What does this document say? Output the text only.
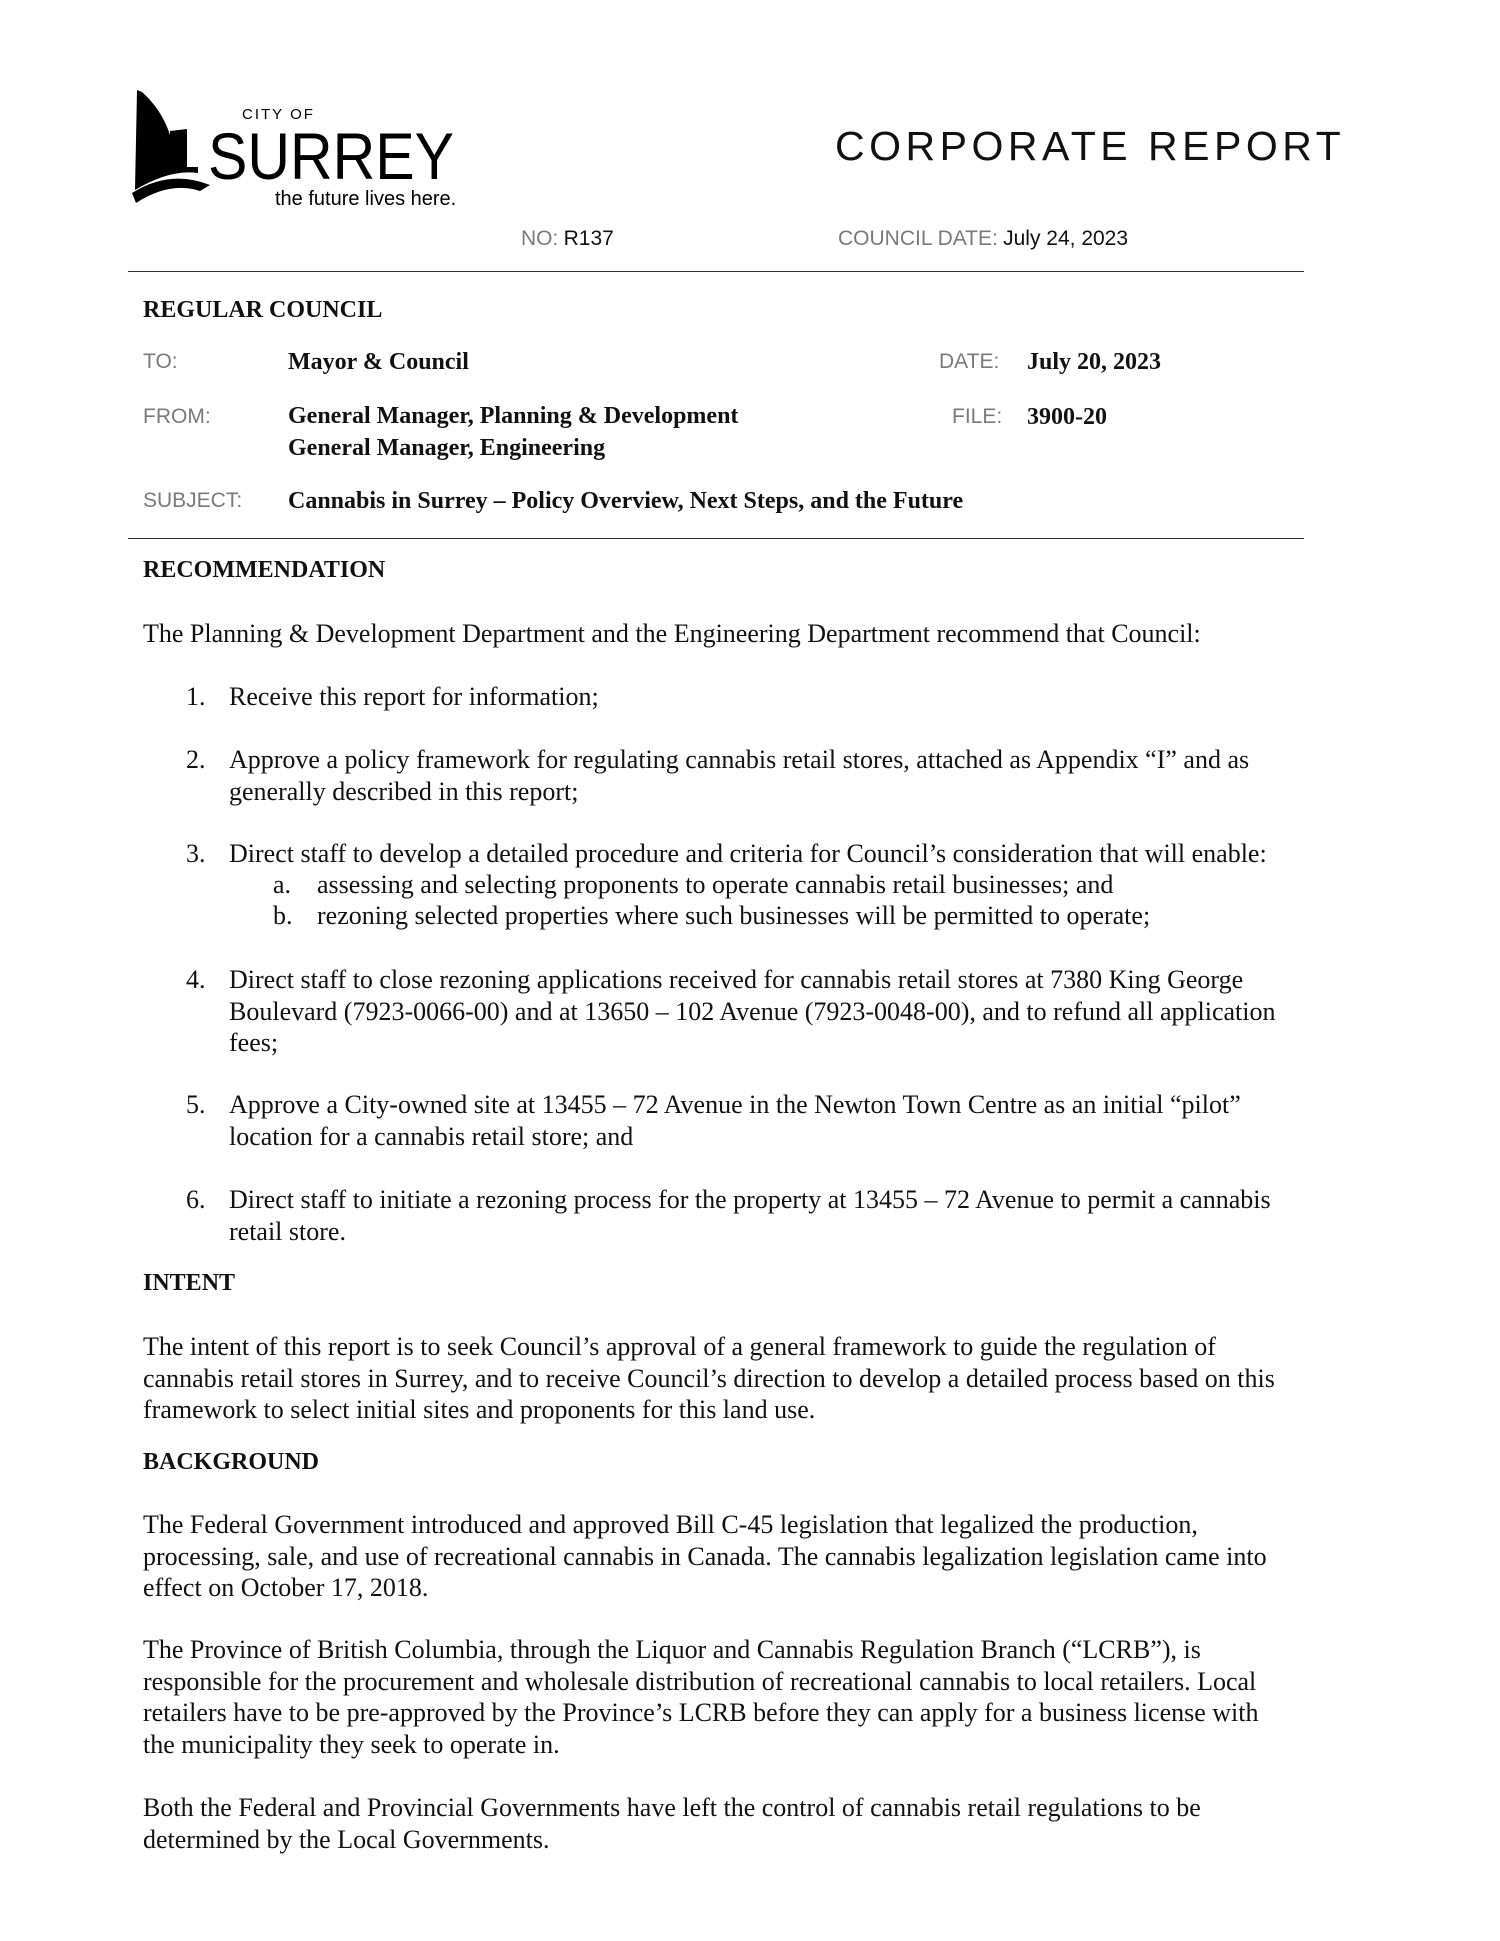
CITY OF
SURREY
the future lives here.
CORPORATE REPORT
NO: R137	COUNCIL DATE: July 24, 2023
REGULAR COUNCIL
TO:	Mayor & Council	DATE: July 20, 2023
FROM:	General Manager, Planning & Development
General Manager, Engineering
FILE: 3900-20
SUBJECT: Cannabis in Surrey – Policy Overview, Next Steps, and the Future
RECOMMENDATION
The Planning & Development Department and the Engineering Department recommend that Council:
1. Receive this report for information;
2. Approve a policy framework for regulating cannabis retail stores, attached as Appendix “I” and as
generally described in this report;
3. Direct staff to develop a detailed procedure and criteria for Council’s consideration that will enable:
a. assessing and selecting proponents to operate cannabis retail businesses; and
b. rezoning selected properties where such businesses will be permitted to operate;
4. Direct staff to close rezoning applications received for cannabis retail stores at 7380 King George
Boulevard (7923-0066-00) and at 13650 – 102 Avenue (7923-0048-00), and to refund all application
fees;
5. Approve a City-owned site at 13455 – 72 Avenue in the Newton Town Centre as an initial “pilot”
location for a cannabis retail store; and
6. Direct staff to initiate a rezoning process for the property at 13455 – 72 Avenue to permit a cannabis
retail store.
INTENT
The intent of this report is to seek Council’s approval of a general framework to guide the regulation of
cannabis retail stores in Surrey, and to receive Council’s direction to develop a detailed process based on this
framework to select initial sites and proponents for this land use.
BACKGROUND
The Federal Government introduced and approved Bill C-45 legislation that legalized the production,
processing, sale, and use of recreational cannabis in Canada. The cannabis legalization legislation came into
effect on October 17, 2018.
The Province of British Columbia, through the Liquor and Cannabis Regulation Branch (“LCRB”), is
responsible for the procurement and wholesale distribution of recreational cannabis to local retailers. Local
retailers have to be pre-approved by the Province’s LCRB before they can apply for a business license with
the municipality they seek to operate in.
Both the Federal and Provincial Governments have left the control of cannabis retail regulations to be
determined by the Local Governments.
